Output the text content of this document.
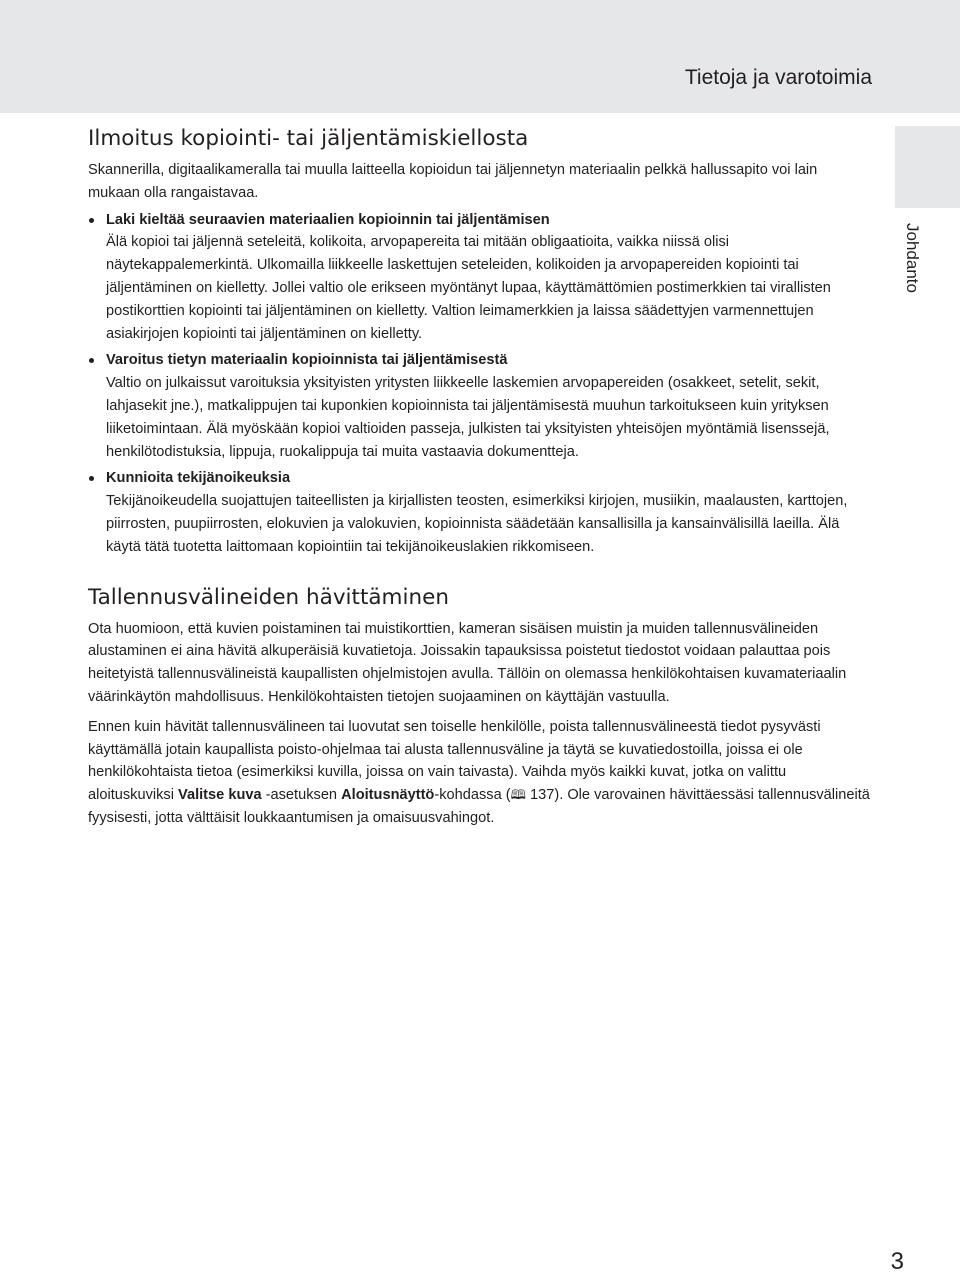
Tietoja ja varotoimia
Johdanto
Ilmoitus kopiointi- tai jäljentämiskiellosta

Skannerilla, digitaalikameralla tai muulla laitteella kopioidun tai jäljennetyn materiaalin pelkkä hallussapito voi lain mukaan olla rangaistavaa.

Laki kieltää seuraavien materiaalien kopioinnin tai jäljentämisen
Älä kopioi tai jäljennä seteleitä, kolikoita, arvopapereita tai mitään obligaatioita, vaikka niissä olisi näytekappalemerkintä. Ulkomailla liikkeelle laskettujen seteleiden, kolikoiden ja arvopapereiden kopiointi tai jäljentäminen on kielletty. Jollei valtio ole erikseen myöntänyt lupaa, käyttämättömien postimerkkien tai virallisten postikorttien kopiointi tai jäljentäminen on kielletty. Valtion leimamerkkien ja laissa säädettyjen varmennettujen asiakirjojen kopiointi tai jäljentäminen on kielletty.
Varoitus tietyn materiaalin kopioinnista tai jäljentämisestä
Valtio on julkaissut varoituksia yksityisten yritysten liikkeelle laskemien arvopapereiden (osakkeet, setelit, sekit, lahjasekit jne.), matkalippujen tai kuponkien kopioinnista tai jäljentämisestä muuhun tarkoitukseen kuin yrityksen liiketoimintaan. Älä myöskään kopioi valtioiden passeja, julkisten tai yksityisten yhteisöjen myöntämiä lisenssejä, henkilötodistuksia, lippuja, ruokalippuja tai muita vastaavia dokumentteja.
Kunnioita tekijänoikeuksia
Tekijänoikeudella suojattujen taiteellisten ja kirjallisten teosten, esimerkiksi kirjojen, musiikin, maalausten, karttojen, piirrosten, puupiirrosten, elokuvien ja valokuvien, kopioinnista säädetään kansallisilla ja kansainvälisillä laeilla. Älä käytä tätä tuotetta laittomaan kopiointiin tai tekijänoikeuslakien rikkomiseen.
Tallennusvälineiden hävittäminen

Ota huomioon, että kuvien poistaminen tai muistikorttien, kameran sisäisen muistin ja muiden tallennusvälineiden alustaminen ei aina hävitä alkuperäisiä kuvatietoja. Joissakin tapauksissa poistetut tiedostot voidaan palauttaa pois heitetyistä tallennusvälineistä kaupallisten ohjelmistojen avulla. Tällöin on olemassa henkilökohtaisen kuvamateriaalin väärinkäytön mahdollisuus. Henkilökohtaisten tietojen suojaaminen on käyttäjän vastuulla.

Ennen kuin hävität tallennusvälineen tai luovutat sen toiselle henkilölle, poista tallennusvälineestä tiedot pysyvästi käyttämällä jotain kaupallista poisto-ohjelmaa tai alusta tallennusväline ja täytä se kuvatiedostoilla, joissa ei ole henkilökohtaista tietoa (esimerkiksi kuvilla, joissa on vain taivasta). Vaihda myös kaikki kuvat, jotka on valittu aloituskuviksi Valitse kuva -asetuksen Aloitusnäyttö-kohdassa (🕮 137). Ole varovainen hävittäessäsi tallennusvälineitä fyysisesti, jotta välttäisit loukkaantumisen ja omaisuusvahingot.

3
